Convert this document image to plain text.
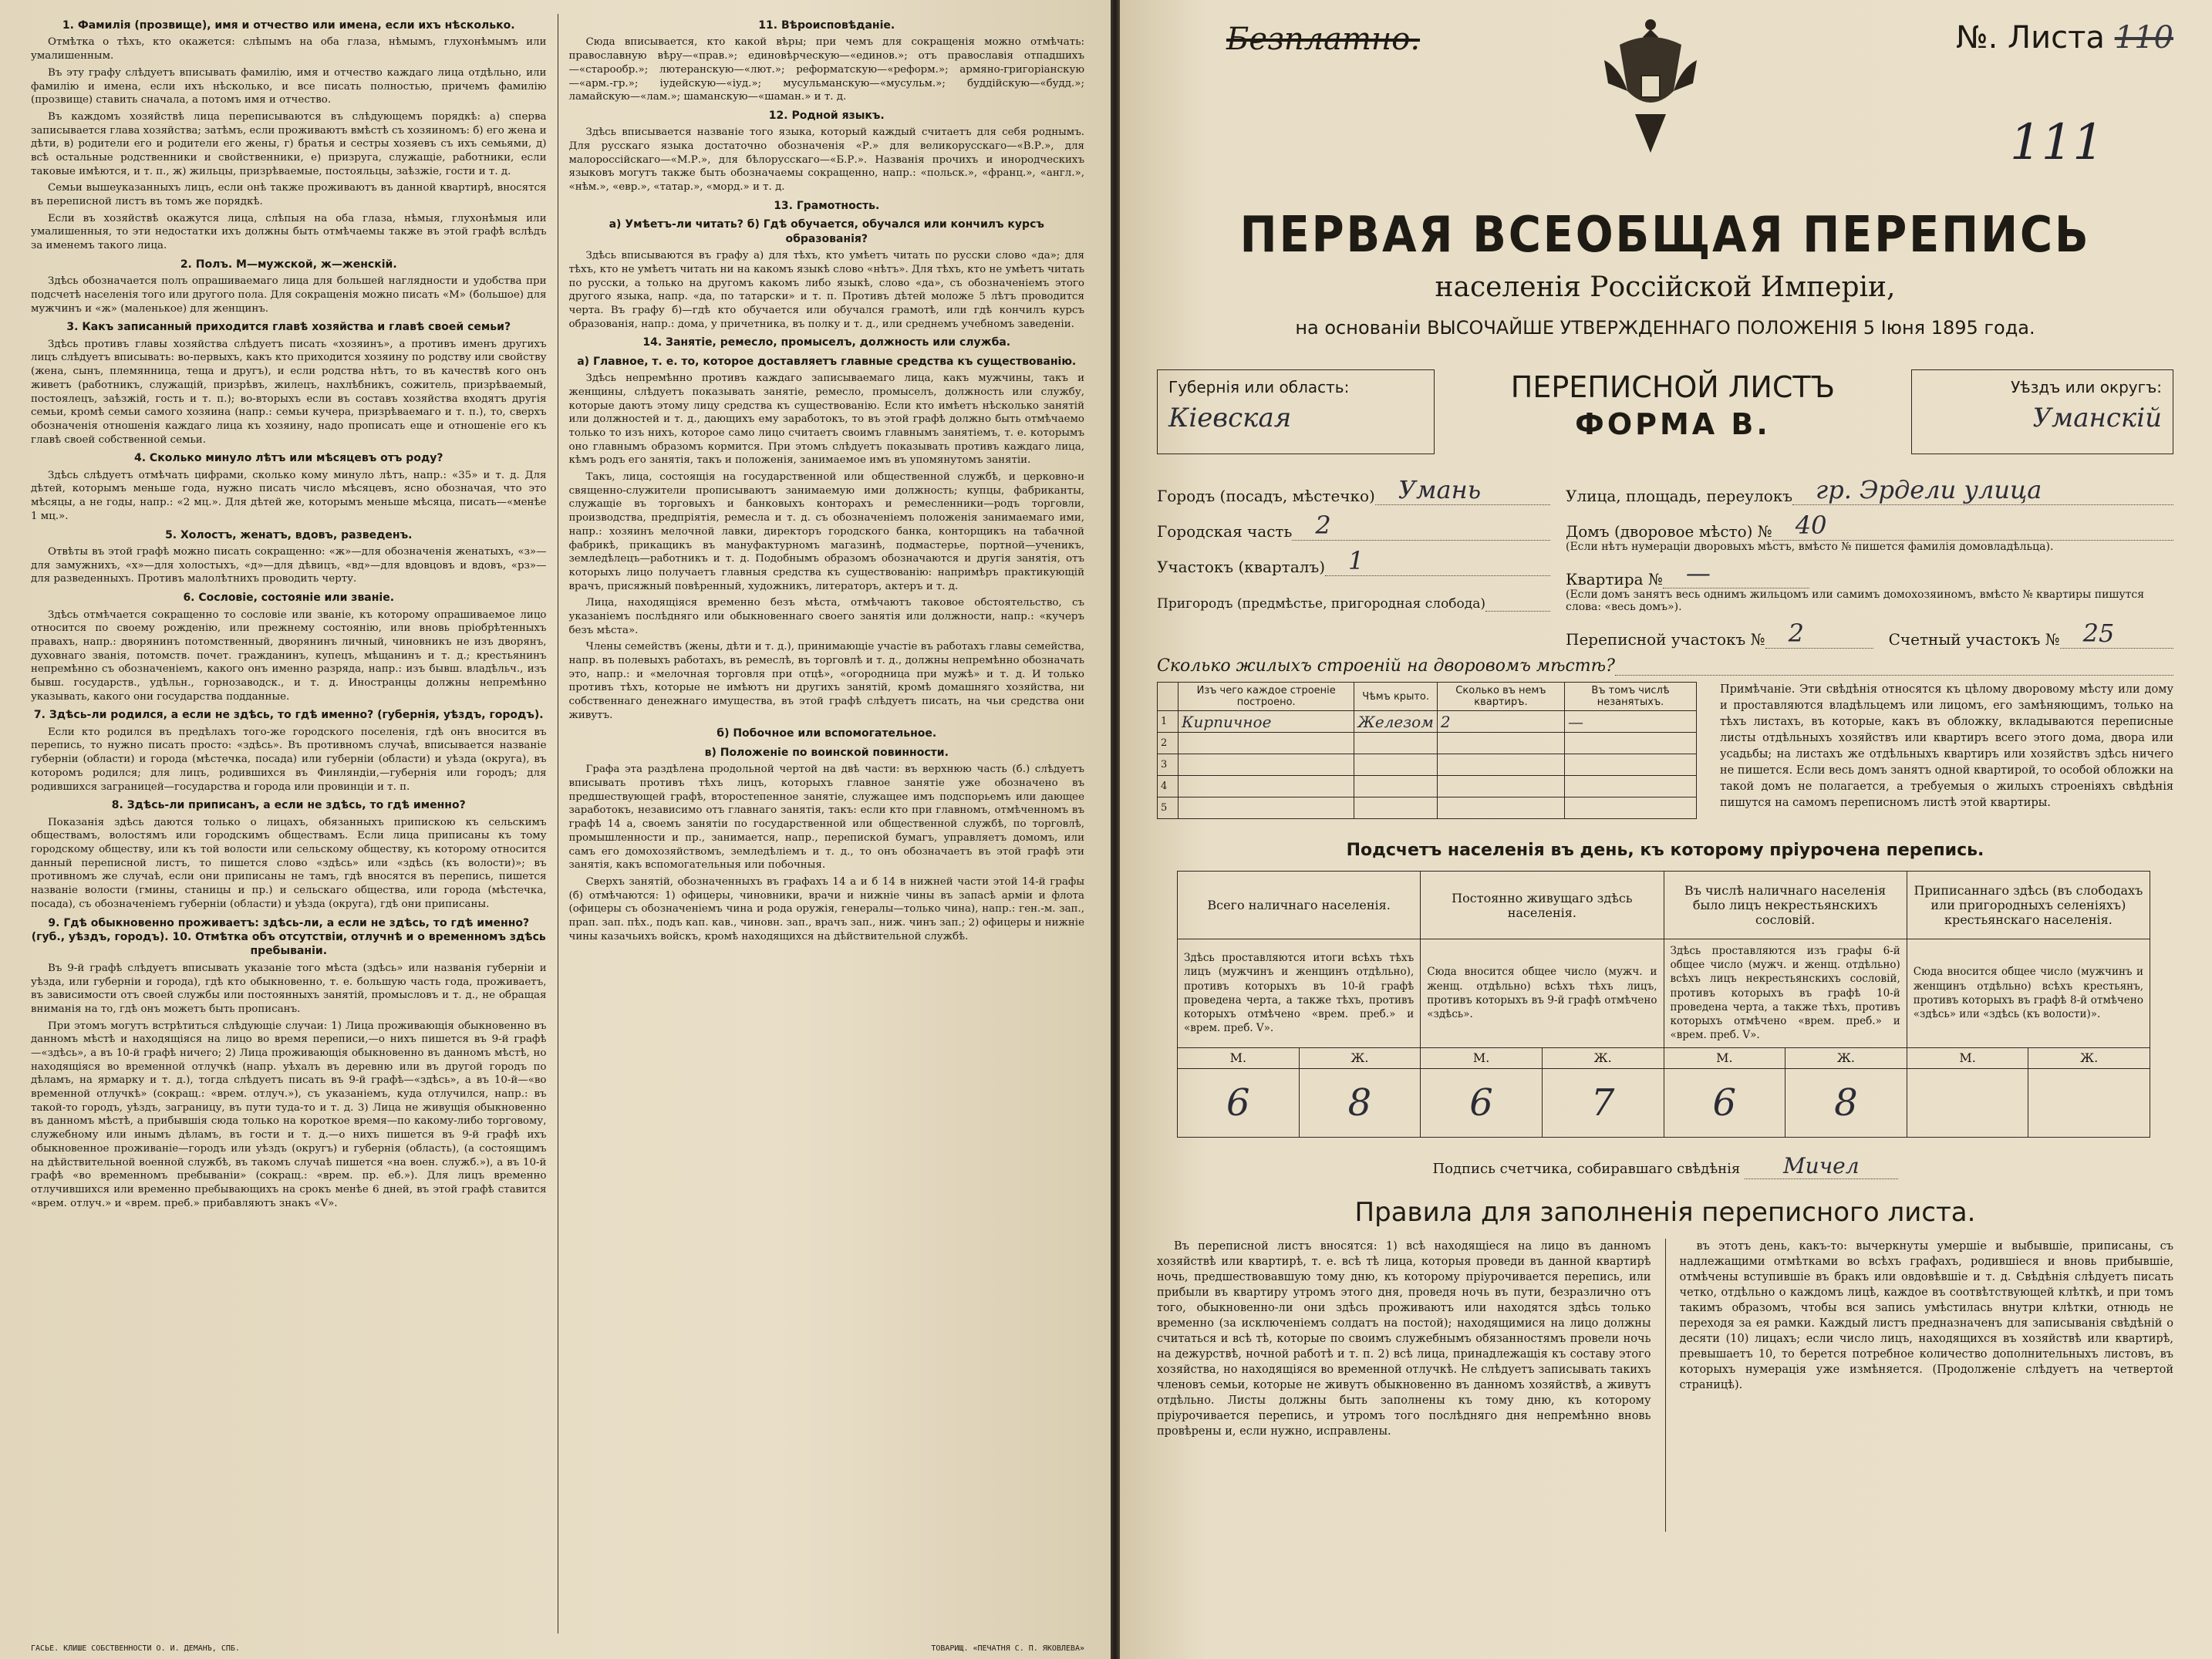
1. Фамилія (прозвище), имя и отчество или имена, если ихъ нѣсколько.

Отмѣтка о тѣхъ, кто окажется: слѣпымъ на оба глаза, нѣмымъ, глухонѣмымъ или умалишенным.

Въ эту графу слѣдуетъ вписывать фамилію, имя и отчество каждаго лица отдѣльно, или фамилію и имена, если ихъ нѣсколько, и все писать полностью, причемъ фамилію (прозвище) ставить сначала, а потомъ имя и отчество.

Въ каждомъ хозяйствѣ лица переписываются въ слѣдующемъ порядкѣ: а) сперва записывается глава хозяйства; затѣмъ, если проживаютъ вмѣстѣ съ хозяиномъ: б) его жена и дѣти, в) родители его и родители его жены, г) братья и сестры хозяевъ съ ихъ семьями, д) всѣ остальные родственники и свойственники, е) призруга, служащіе, работники, если таковые имѣются, и т. п., ж) жильцы, призрѣваемые, постояльцы, заѣзжіе, гости и т. д.

Семьи вышеуказанныхъ лицъ, если онѣ также проживаютъ въ данной квартирѣ, вносятся въ переписной листъ въ томъ же порядкѣ.

Если въ хозяйствѣ окажутся лица, слѣпыя на оба глаза, нѣмыя, глухонѣмыя или умалишенныя, то эти недостатки ихъ должны быть отмѣчаемы также въ этой графѣ вслѣдъ за именемъ такого лица.

2. Полъ. М—мужской, ж—женскій.

Здѣсь обозначается полъ опрашиваемаго лица для большей наглядности и удобства при подсчетѣ населенія того или другого пола. Для сокращенія можно писать «М» (большое) для мужчинъ и «ж» (маленькое) для женщинъ.

3. Какъ записанный приходится главѣ хозяйства и главѣ своей семьи?

Здѣсь противъ главы хозяйства слѣдуетъ писать «хозяинъ», а противъ именъ другихъ лицъ слѣдуетъ вписывать: во-первыхъ, какъ кто приходится хозяину по родству или свойству (жена, сынъ, племянница, теща и другъ), и если родства нѣтъ, то въ качествѣ кого онъ живетъ (работникъ, служащій, призрѣвъ, жилецъ, нахлѣбникъ, сожитель, призрѣваемый, постоялецъ, заѣзжій, гость и т. п.); во-вторыхъ если въ составъ хозяйства входятъ другія семьи, кромѣ семьи самого хозяина (напр.: семьи кучера, призрѣваемаго и т. п.), то, сверхъ обозначенія отношенія каждаго лица къ хозяину, надо прописать еще и отношеніе его къ главѣ своей собственной семьи.

4. Сколько минуло лѣтъ или мѣсяцевъ отъ роду?

Здѣсь слѣдуетъ отмѣчать цифрами, сколько кому минуло лѣтъ, напр.: «35» и т. д. Для дѣтей, которымъ меньше года, нужно писать число мѣсяцевъ, ясно обозначая, что это мѣсяцы, а не годы, напр.: «2 мц.». Для дѣтей же, которымъ меньше мѣсяца, писать—«менѣе 1 мц.».

5. Холостъ, женатъ, вдовъ, разведенъ.

Отвѣты въ этой графѣ можно писать сокращенно: «ж»—для обозначенія женатыхъ, «з»—для замужнихъ, «х»—для холостыхъ, «д»—для дѣвицъ, «вд»—для вдовцовъ и вдовъ, «рз»—для разведенныхъ. Противъ малолѣтнихъ проводить черту.

6. Сословіе, состояніе или званіе.

Здѣсь отмѣчается сокращенно то сословіе или званіе, къ которому опрашиваемое лицо относится по своему рожденію, или прежнему состоянію, или вновь пріобрѣтенныхъ правахъ, напр.: дворянинъ потомственный, дворянинъ личный, чиновникъ не изъ дворянъ, духовнаго званія, потомств. почет. гражданинъ, купецъ, мѣщанинъ и т. д.; крестьянинъ непремѣнно съ обозначеніемъ, какого онъ именно разряда, напр.: изъ бывш. владѣльч., изъ бывш. государств., удѣльн., горнозаводск., и т. д. Иностранцы должны непремѣнно указывать, какого они государства подданные.

7. Здѣсь-ли родился, а если не здѣсь, то гдѣ именно? (губернія, уѣздъ, городъ).

Если кто родился въ предѣлахъ того-же городского поселенія, гдѣ онъ вносится въ перепись, то нужно писать просто: «здѣсь». Въ противномъ случаѣ, вписывается названіе губерніи (области) и города (мѣстечка, посада) или губерніи (области) и уѣзда (округа), въ которомъ родился; для лицъ, родившихся въ Финляндіи,—губернія или городъ; для родившихся заграницей—государства и города или провинціи и т. п.

8. Здѣсь-ли приписанъ, а если не здѣсь, то гдѣ именно?

Показанія здѣсь даются только о лицахъ, обязанныхъ припискою къ сельскимъ обществамъ, волостямъ или городскимъ обществамъ. Если лица приписаны къ тому городскому обществу, или къ той волости или сельскому обществу, къ которому относится данный переписной листъ, то пишется слово «здѣсь» или «здѣсь (къ волости)»; въ противномъ же случаѣ, если они приписаны не тамъ, гдѣ вносятся въ перепись, пишется названіе волости (гмины, станицы и пр.) и сельскаго общества, или города (мѣстечка, посада), съ обозначеніемъ губерніи (области) и уѣзда (округа), гдѣ они приписаны.

9. Гдѣ обыкновенно проживаетъ: здѣсь-ли, а если не здѣсь, то гдѣ именно? (губ., уѣздъ, городъ). 10. Отмѣтка объ отсутствіи, отлучнѣ и о временномъ здѣсь пребываніи.

Въ 9-й графѣ слѣдуетъ вписывать указаніе того мѣста (здѣсь» или названія губерніи и уѣзда, или губерніи и города), гдѣ кто обыкновенно, т. е. большую часть года, проживаетъ, въ зависимости отъ своей службы или постоянныхъ занятій, промысловъ и т. д., не обращая вниманія на то, гдѣ онъ можетъ быть прописанъ.

При этомъ могутъ встрѣтиться слѣдующіе случаи: 1) Лица проживающія обыкновенно въ данномъ мѣстѣ и находящіяся на лицо во время переписи,—о нихъ пишется въ 9-й графѣ—«здѣсь», а въ 10-й графѣ ничего; 2) Лица проживающія обыкновенно въ данномъ мѣстѣ, но находящіяся во временной отлучкѣ (напр. уѣхалъ въ деревню или въ другой городъ по дѣламъ, на ярмарку и т. д.), тогда слѣдуетъ писать въ 9-й графѣ—«здѣсь», а въ 10-й—«во временной отлучкѣ» (сокращ.: «врем. отлуч.»), съ указаніемъ, куда отлучился, напр.: въ такой-то городъ, уѣздъ, заграницу, въ пути туда-то и т. д. 3) Лица не живущія обыкновенно въ данномъ мѣстѣ, а прибывшія сюда только на короткое время—по какому-либо торговому, служебному или инымъ дѣламъ, въ гости и т. д.—о нихъ пишется въ 9-й графѣ ихъ обыкновенное проживаніе—городъ или уѣздъ (округъ) и губернія (область), (а состоящимъ на дѣйствительной военной службѣ, въ такомъ случаѣ пишется «на воен. служб.»), а въ 10-й графѣ «во временномъ пребываніи» (сокращ.: «врем. пр. еб.»). Для лицъ временно отлучившихся или временно пребывающихъ на срокъ менѣе 6 дней, въ этой графѣ ставится «врем. отлуч.» и «врем. преб.» прибавляютъ знакъ «V».

11. Вѣроисповѣданіе.

Сюда вписывается, кто какой вѣры; при чемъ для сокращенія можно отмѣчать: православную вѣру—«прав.»; единовѣрческую—«единов.»; отъ православія отпадшихъ—«старообр.»; лютеранскую—«лют.»; реформатскую—«реформ.»; армяно-григоріанскую—«арм.-гр.»; іудейскую—«іуд.»; мусульманскую—«мусульм.»; буддійскую—«будд.»; ламайскую—«лам.»; шаманскую—«шаман.» и т. д.

12. Родной языкъ.

Здѣсь вписывается названіе того языка, который каждый считаетъ для себя роднымъ. Для русскаго языка достаточно обозначенія «Р.» для великорусскаго—«В.Р.», для малороссійскаго—«М.Р.», для бѣлорусскаго—«Б.Р.». Названія прочихъ и инородческихъ языковъ могутъ также быть обозначаемы сокращенно, напр.: «польск.», «франц.», «англ.», «нѣм.», «евр.», «татар.», «морд.» и т. д.

13. Грамотность.
а) Умѣетъ-ли читать? б) Гдѣ обучается, обучался или кончилъ курсъ образованія?

Здѣсь вписываются въ графу а) для тѣхъ, кто умѣетъ читать по русски слово «да»; для тѣхъ, кто не умѣетъ читать ни на какомъ языкѣ слово «нѣтъ». Для тѣхъ, кто не умѣетъ читать по русски, а только на другомъ какомъ либо языкѣ, слово «да», съ обозначеніемъ этого другого языка, напр. «да, по татарски» и т. п. Противъ дѣтей моложе 5 лѣтъ проводится черта. Въ графу б)—гдѣ кто обучается или обучался грамотѣ, или гдѣ кончилъ курсъ образованія, напр.: дома, у причетника, въ полку и т. д., или среднемъ учебномъ заведеніи.

14. Занятіе, ремесло, промыселъ, должность или служба.
а) Главное, т. е. то, которое доставляетъ главные средства къ существованію.

Здѣсь непремѣнно противъ каждаго записываемаго лица, какъ мужчины, такъ и женщины, слѣдуетъ показывать занятіе, ремесло, промыселъ, должность или службу, которые даютъ этому лицу средства къ существованію. Если кто имѣетъ нѣсколько занятій или должностей и т. д., дающихъ ему заработокъ, то въ этой графѣ должно быть отмѣчаемо только то изъ нихъ, которое само лицо считаетъ своимъ главнымъ занятіемъ, т. е. которымъ оно главнымъ образомъ кормится. При этомъ слѣдуетъ показывать противъ каждаго лица, кѣмъ родъ его занятія, такъ и положенія, занимаемое имъ въ упомянутомъ занятіи.

Такъ, лица, состоящія на государственной или общественной службѣ, и церковно-и священно-служители прописываютъ занимаемую ими должность; купцы, фабриканты, служащіе въ торговыхъ и банковыхъ конторахъ и ремесленники—родъ торговли, производства, предпріятія, ремесла и т. д. съ обозначеніемъ положенія занимаемаго ими, напр.: хозяинъ мелочной лавки, директоръ городского банка, конторщикъ на табачной фабрикѣ, прикащикъ въ мануфактурномъ магазинѣ, подмастерье, портной—ученикъ, земледѣлецъ—работникъ и т. д. Подобнымъ образомъ обозначаются и другія занятія, отъ которыхъ лицо получаетъ главныя средства къ существованію: напримѣръ практикующій врачъ, присяжный повѣренный, художникъ, литераторъ, актеръ и т. д.

Лица, находящіяся временно безъ мѣста, отмѣчаютъ таковое обстоятельство, съ указаніемъ послѣдняго или обыкновеннаго своего занятія или должности, напр.: «кучеръ безъ мѣста».

Члены семействъ (жены, дѣти и т. д.), принимающіе участіе въ работахъ главы семейства, напр. въ полевыхъ работахъ, въ ремеслѣ, въ торговлѣ и т. д., должны непремѣнно обозначать это, напр.: и «мелочная торговля при отцѣ», «огородница при мужѣ» и т. д. И только противъ тѣхъ, которые не имѣютъ ни другихъ занятій, кромѣ домашняго хозяйства, ни собственнаго денежнаго имущества, въ этой графѣ слѣдуетъ писать, на чьи средства они живутъ.

б) Побочное или вспомогательное.
в) Положеніе по воинской повинности.

Графа эта раздѣлена продольной чертой на двѣ части: въ верхнюю часть (б.) слѣдуетъ вписывать противъ тѣхъ лицъ, которыхъ главное занятіе уже обозначено въ предшествующей графѣ, второстепенное занятіе, служащее имъ подспорьемъ или дающее заработокъ, независимо отъ главнаго занятія, такъ: если кто при главномъ, отмѣченномъ въ графѣ 14 а, своемъ занятіи по государственной или общественной службѣ, по торговлѣ, промышленности и пр., занимается, напр., перепиской бумагъ, управляетъ домомъ, или самъ его домохозяйствомъ, земледѣліемъ и т. д., то онъ обозначаетъ въ этой графѣ эти занятія, какъ вспомогательныя или побочныя.

Сверхъ занятій, обозначенныхъ въ графахъ 14 а и б 14 в нижней части этой 14-й графы (б) отмѣчаются: 1) офицеры, чиновники, врачи и нижніе чины въ запасѣ арміи и флота (офицеры съ обозначеніемъ чина и рода оружія, генералы—только чина), напр.: ген.-м. зап., прап. зап. пѣх., подъ кап. кав., чиновн. зап., врачъ зап., ниж. чинъ зап.; 2) офицеры и нижніе чины казачьихъ войскъ, кромѣ находящихся на дѣйствительной службѣ.

ГАСЬЕ. КЛИШЕ СОБСТВЕННОСТИ О. И. ДЕМАНЪ, СПБ.	ТОВАРИЩ. «ПЕЧАТНЯ С. П. ЯКОВЛЕВА»
Безплатно.	№. Листа 110
111
ПЕРВАЯ ВСЕОБЩАЯ ПЕРЕПИСЬ
населенія Россійской Имперіи,
на основаніи ВЫСОЧАЙШЕ УТВЕРЖДЕННАГО ПОЛОЖЕНІЯ 5 Іюня 1895 года.
Губернія или область:
Кіевская
ПЕРЕПИСНОЙ ЛИСТЪ
ФОРМА В.
Уѣздъ или округъ:
Уманскій
Городъ (посадъ, мѣстечко) Умань
Городская часть 2
Участокъ (кварталъ) 1
Пригородъ (предмѣстье, пригородная слобода)
Улица, площадь, переулокъ гр. Эрдели улица
Домъ (дворовое мѣсто) № 40
(Если нѣтъ нумераціи дворовыхъ мѣстъ, вмѣсто № пишется фамилія домовладѣльца).
Квартира № —
(Если домъ занятъ весь однимъ жильцомъ или самимъ домохозяиномъ, вмѣсто № квартиры пишутся слова: «весь домъ»).
Переписной участокъ № 2	Счетный участокъ № 25
Сколько жилыхъ строеній на дворовомъ мѣстѣ?
	Изъ чего каждое строеніе построено.	Чѣмъ крыто.	Сколько въ немъ квартиръ.	Въ томъ числѣ незанятыхъ.
1	Кирпичное	Железом	2	—
2				
3				
4				
5				
Примѣчаніе. Эти свѣдѣнія относятся къ цѣлому дворовому мѣсту или дому и проставляются владѣльцемъ или лицомъ, его замѣняющимъ, только на тѣхъ листахъ, въ которые, какъ въ обложку, вкладываются переписные листы отдѣльныхъ хозяйствъ или квартиръ всего этого дома, двора или усадьбы; на листахъ же отдѣльныхъ квартиръ или хозяйствъ здѣсь ничего не пишется. Если весь домъ занятъ одной квартирой, то особой обложки на такой домъ не полагается, а требуемыя о жилыхъ строеніяхъ свѣдѣнія пишутся на самомъ переписномъ листѣ этой квартиры.
Подсчетъ населенія въ день, къ которому пріурочена перепись.
Всего наличнаго населенія.		Постоянно живущаго здѣсь населенія.		Въ числѣ наличнаго населенія было лицъ некрестьянскихъ сословій.		Приписаннаго здѣсь (въ слободахъ или пригородныхъ селеніяхъ) крестьянскаго населенія.	
Здѣсь проставляются итоги всѣхъ тѣхъ лицъ (мужчинъ и женщинъ отдѣльно), противъ которыхъ въ 10-й графѣ проведена черта, а также тѣхъ, противъ которыхъ отмѣчено «врем. преб.» и «врем. преб. V».		Сюда вносится общее число (мужч. и женщ. отдѣльно) всѣхъ тѣхъ лицъ, противъ которыхъ въ 9-й графѣ отмѣчено «здѣсь».		Здѣсь проставляются изъ графы 6-й общее число (мужч. и женщ. отдѣльно) всѣхъ лицъ некрестьянскихъ сословій, противъ которыхъ въ графѣ 10-й проведена черта, а также тѣхъ, противъ которыхъ отмѣчено «врем. преб.» и «врем. преб. V».		Сюда вносится общее число (мужчинъ и женщинъ отдѣльно) всѣхъ крестьянъ, противъ которыхъ въ графѣ 8-й отмѣчено «здѣсь» или «здѣсь (къ волости)».	
М.	Ж.	М.	Ж.	М.	Ж.	М.	Ж.
6	8	6	7	6	8		
Подпись счетчика, собиравшаго свѣдѣнія Мичел
Правила для заполненія переписного листа.

Въ переписной листъ вносятся: 1) всѣ находящіеся на лицо въ данномъ хозяйствѣ или квартирѣ, т. е. всѣ тѣ лица, которыя проведи въ данной квартирѣ ночь, предшествовавшую тому дню, къ которому пріурочивается перепись, или прибыли въ квартиру утромъ этого дня, проведя ночь въ пути, безразлично отъ того, обыкновенно-ли они здѣсь проживаютъ или находятся здѣсь только временно (за исключеніемъ солдатъ на постой); находящимися на лицо должны считаться и всѣ тѣ, которые по своимъ служебнымъ обязанностямъ провели ночь на дежурствѣ, ночной работѣ и т. п. 2) всѣ лица, принадлежащія къ составу этого хозяйства, но находящіяся во временной отлучкѣ. Не слѣдуетъ записывать такихъ членовъ семьи, которые не живутъ обыкновенно въ данномъ хозяйствѣ, а живутъ отдѣльно. Листы должны быть заполнены къ тому дню, къ которому пріурочивается перепись, и утромъ того послѣдняго дня непремѣнно вновь провѣрены и, если нужно, исправлены.

въ этотъ день, какъ-то: вычеркнуты умершіе и выбывшіе, приписаны, съ надлежащими отмѣтками во всѣхъ графахъ, родившіеся и вновь прибывшіе, отмѣчены вступившіе въ бракъ или овдовѣвшіе и т. д. Свѣдѣнія слѣдуетъ писать четко, отдѣльно о каждомъ лицѣ, каждое въ соотвѣтствующей клѣткѣ, и при томъ такимъ образомъ, чтобы вся запись умѣстилась внутри клѣтки, отнюдь не переходя за ея рамки. Каждый листъ предназначенъ для записыванія свѣдѣній о десяти (10) лицахъ; если число лицъ, находящихся въ хозяйствѣ или квартирѣ, превышаетъ 10, то берется потребное количество дополнительныхъ листовъ, въ которыхъ нумерація уже измѣняется. (Продолженіе слѣдуетъ на четвертой страницѣ).
